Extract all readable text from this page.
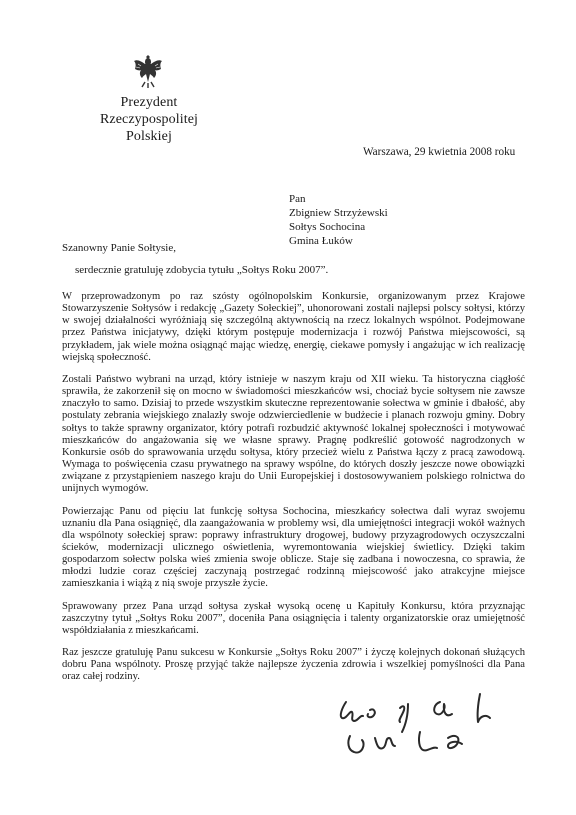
Prezydent
Rzeczypospolitej Polskiej
Warszawa, 29 kwietnia 2008 roku
Pan
Zbigniew Strzyżewski
Sołtys Sochocina
Gmina Łuków
Szanowny Panie Sołtysie,
serdecznie gratuluję zdobycia tytułu „Sołtys Roku 2007”.

W przeprowadzonym po raz szósty ogólnopolskim Konkursie, organizowanym przez Krajowe Stowarzyszenie Sołtysów i redakcję „Gazety Sołeckiej”, uhonorowani zostali najlepsi polscy sołtysi, którzy w swojej działalności wyróżniają się szczególną aktywnością na rzecz lokalnych wspólnot. Podejmowane przez Państwa inicjatywy, dzięki którym postępuje modernizacja i rozwój Państwa miejscowości, są przykładem, jak wiele można osiągnąć mając wiedzę, energię, ciekawe pomysły i angażując w ich realizację wiejską społeczność.

Zostali Państwo wybrani na urząd, który istnieje w naszym kraju od XII wieku. Ta historyczna ciągłość sprawiła, że zakorzenił się on mocno w świadomości mieszkańców wsi, chociaż bycie sołtysem nie zawsze znaczyło to samo. Dzisiaj to przede wszystkim skuteczne reprezentowanie sołectwa w gminie i dbałość, aby postulaty zebrania wiejskiego znalazły swoje odzwierciedlenie w budżecie i planach rozwoju gminy. Dobry sołtys to także sprawny organizator, który potrafi rozbudzić aktywność lokalnej społeczności i motywować mieszkańców do angażowania się we własne sprawy. Pragnę podkreślić gotowość nagrodzonych w Konkursie osób do sprawowania urzędu sołtysa, który przecież wielu z Państwa łączy z pracą zawodową. Wymaga to poświęcenia czasu prywatnego na sprawy wspólne, do których doszły jeszcze nowe obowiązki związane z przystąpieniem naszego kraju do Unii Europejskiej i dostosowywaniem polskiego rolnictwa do unijnych wymogów.

Powierzając Panu od pięciu lat funkcję sołtysa Sochocina, mieszkańcy sołectwa dali wyraz swojemu uznaniu dla Pana osiągnięć, dla zaangażowania w problemy wsi, dla umiejętności integracji wokół ważnych dla wspólnoty sołeckiej spraw: poprawy infrastruktury drogowej, budowy przyzagrodowych oczyszczalni ścieków, modernizacji ulicznego oświetlenia, wyremontowania wiejskiej świetlicy. Dzięki takim gospodarzom sołectw polska wieś zmienia swoje oblicze. Staje się zadbana i nowoczesna, co sprawia, że młodzi ludzie coraz częściej zaczynają postrzegać rodzinną miejscowość jako atrakcyjne miejsce zamieszkania i wiążą z nią swoje przyszłe życie.

Sprawowany przez Pana urząd sołtysa zyskał wysoką ocenę u Kapituły Konkursu, która przyznając zaszczytny tytuł „Sołtys Roku 2007”, doceniła Pana osiągnięcia i talenty organizatorskie oraz umiejętność współdziałania z mieszkańcami.

Raz jeszcze gratuluję Panu sukcesu w Konkursie „Sołtys Roku 2007” i życzę kolejnych dokonań służących dobru Pana wspólnoty. Proszę przyjąć także najlepsze życzenia zdrowia i wszelkiej pomyślności dla Pana oraz całej rodziny.
